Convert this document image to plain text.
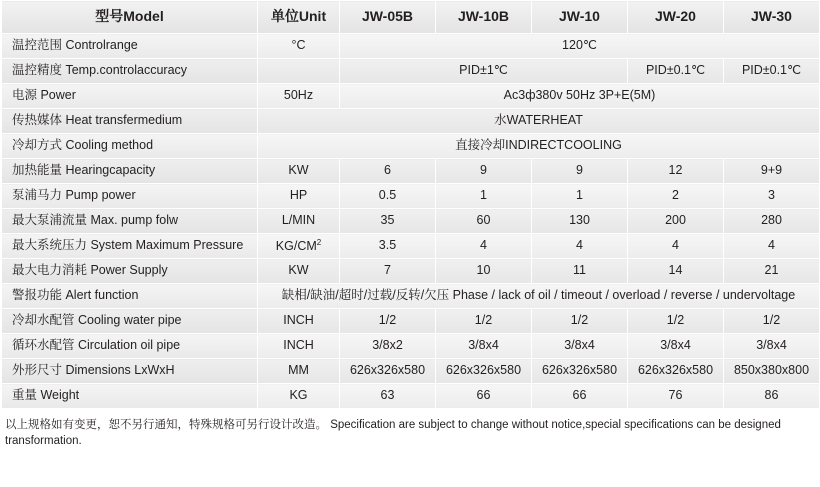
型号Model	单位Unit	JW-05B	JW-10B	JW-10	JW-20	JW-30
温控范围 Controlrange	°C	120℃				
温控精度 Temp.controlaccuracy		PID±1℃			PID±0.1℃	PID±0.1℃
电源 Power	50Hz	Ac3ф380v 50Hz 3P+E(5M)				
传热媒体 Heat transfermedium	水WATERHEAT					
冷却方式 Cooling method	直接冷却INDIRECTCOOLING					
加热能量 Hearingcapacity	KW	6	9	9	12	9+9
泵浦马力 Pump power	HP	0.5	1	1	2	3
最大泵浦流量 Max. pump folw	L/MIN	35	60	130	200	280
最大系统压力 System Maximum Pressure	$KG/CM^2$	3.5	4	4	4	4
最大电力消耗 Power Supply	KW	7	10	11	14	21
警报功能 Alert function	缺相/缺油/超时/过载/反转/欠压 Phase / lack of oil / timeout / overload / reverse / undervoltage					
冷却水配管 Cooling water pipe	INCH	1/2	1/2	1/2	1/2	1/2
循环水配管 Circulation oil pipe	INCH	3/8x2	3/8x4	3/8x4	3/8x4	3/8x4
外形尺寸 Dimensions LxWxH	MM	626x326x580	626x326x580	626x326x580	626x326x580	850x380x800
重量 Weight	KG	63	66	66	76	86
以上规格如有变更，恕不另行通知，特殊规格可另行设计改造。 Specification are subject to change without notice,special specifications can be designed transformation.
